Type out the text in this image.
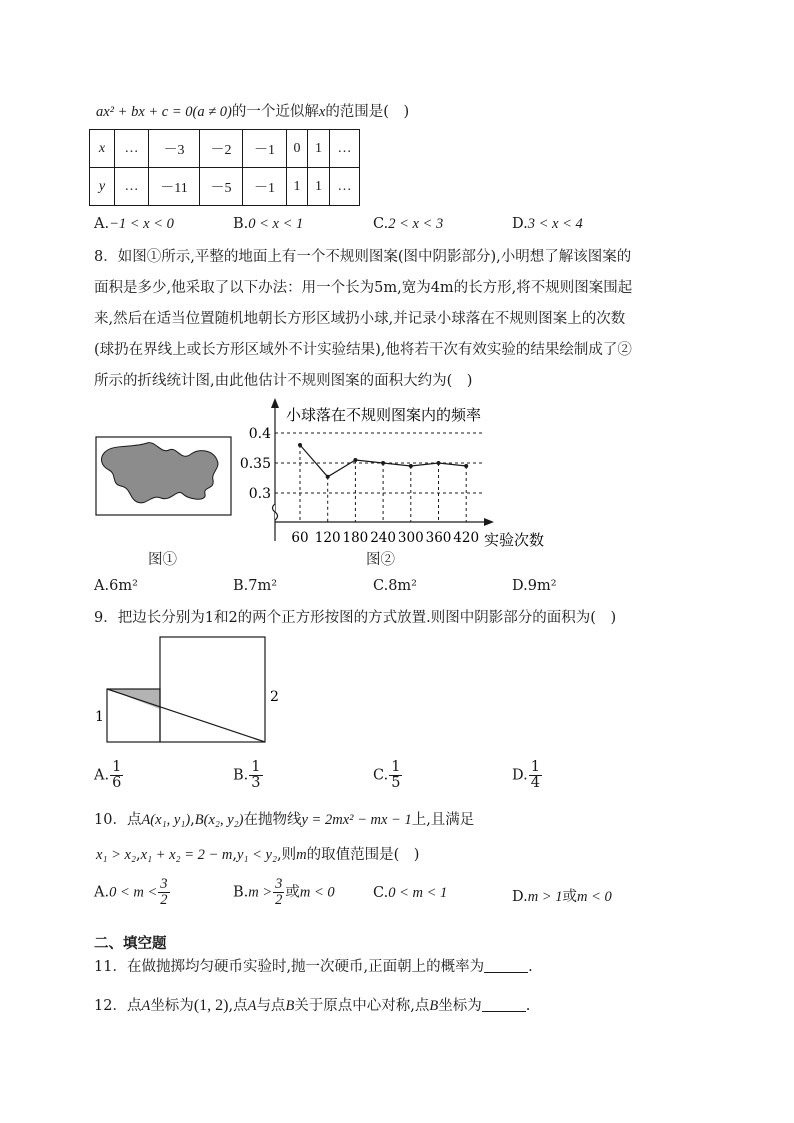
ax² + bx + c = 0(a ≠ 0)的一个近似解x的范围是(　)
x	…	－3	－2	－1	0	1	…
y	…	－11	－5	－1	1	1	…
A.−1 < x < 0	B.0 < x < 1	C.2 < x < 3	D.3 < x < 4
8．如图①所示,平整的地面上有一个不规则图案(图中阴影部分),小明想了解该图案的
面积是多少,他采取了以下办法：用一个长为5m,宽为4m的长方形,将不规则图案围起
来,然后在适当位置随机地朝长方形区域扔小球,并记录小球落在不规则图案上的次数
(球扔在界线上或长方形区域外不计实验结果),他将若干次有效实验的结果绘制成了②
所示的折线统计图,由此他估计不规则图案的面积大约为(　)
图①
小球落在不规则图案内的频率
实验次数
0.4
0.35
0.3
60 120 180 240 300 360 420
图②
A.6m²	B.7m²	C.8m²	D.9m²
9．把边长分别为1和2的两个正方形按图的方式放置.则图中阴影部分的面积为(　)
1
2
A. $\frac{1}{6}$	B. $\frac{1}{3}$	C. $\frac{1}{5}$	D. $\frac{1}{4}$
10．点A(x₁, y₁),B(x₂, y₂)在抛物线y = 2mx² − mx − 1上,且满足
x₁ > x₂,x₁ + x₂ = 2 − m,y₁ < y₂,则m的取值范围是(　)
$A.0 < m < \frac{3}{2}$	$B.m > \frac{3}{2}$ 或m < 0	C.0 < m < 1	D.m > 1或m < 0
二、填空题
11．在做抛掷均匀硬币实验时,抛一次硬币,正面朝上的概率为	.
12．点A坐标为(1, 2),点A与点B关于原点中心对称,点B坐标为	.
